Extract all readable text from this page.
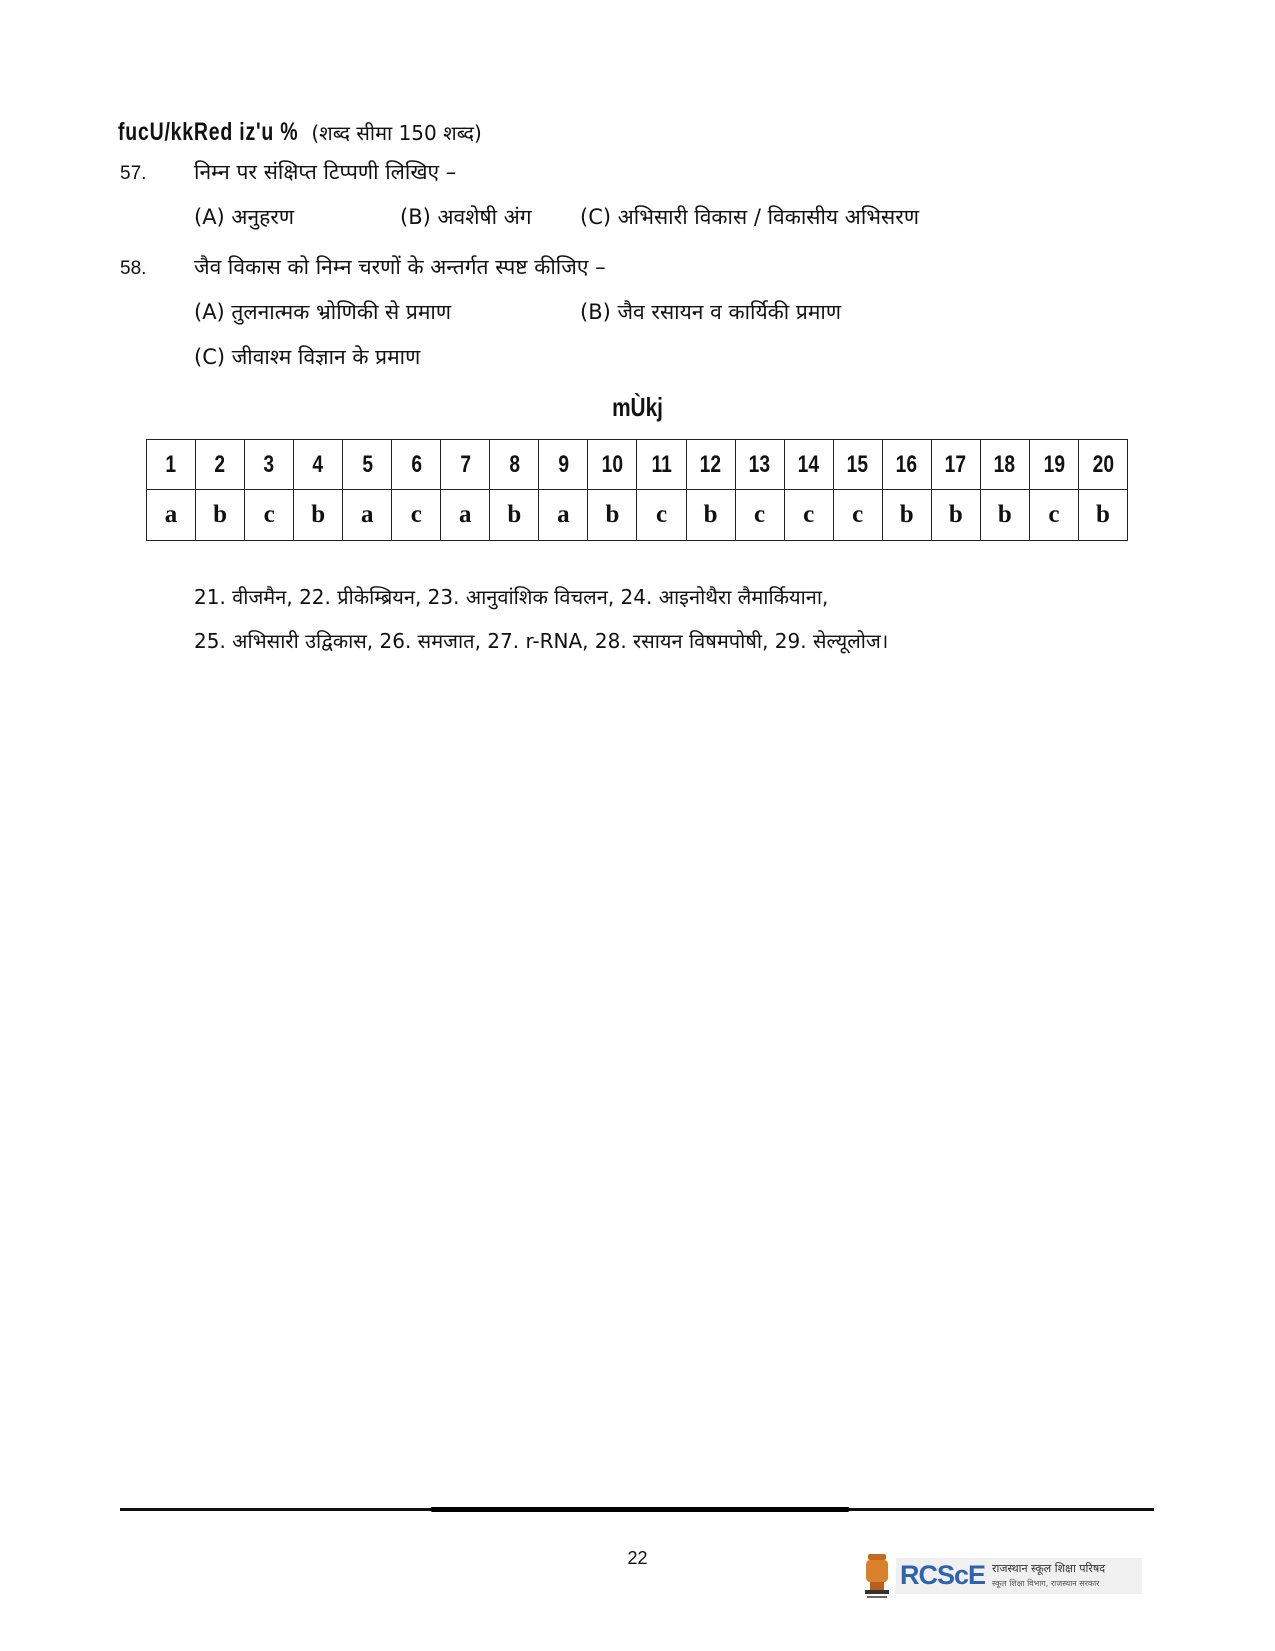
fucU/kkRed iz'u % (शब्द सीमा 150 शब्द)
57. निम्न पर संक्षिप्त टिप्पणी लिखिए –
(A) अनुहरण	(B) अवशेषी अंग (C) अभिसारी विकास / विकासीय अभिसरण
58. जैव विकास को निम्न चरणों के अन्तर्गत स्पष्ट कीजिए –
(A) तुलनात्मक भ्रोणिकी से प्रमाण	(B) जैव रसायन व कार्यिकी प्रमाण
(C) जीवाश्म विज्ञान के प्रमाण
mÙkj
1	2	3	4	5	6	7	8	9	10	11	12	13	14	15	16	17	18	19	20
a	b	c	b	a	c	a	b	a	b	c	b	c	c	c	b	b	b	c	b
21. वीजमैन, 22. प्रीकेम्ब्रियन, 23. आनुवांशिक विचलन, 24. आइनोथैरा लैमार्कियाना,
25. अभिसारी उद्विकास, 26. समजात, 27. r-RNA, 28. रसायन विषमपोषी, 29. सेल्यूलोज।
22
RCScE राजस्थान स्कूल शिक्षा परिषद
स्कूल शिक्षा विभाग, राजस्थान सरकार
